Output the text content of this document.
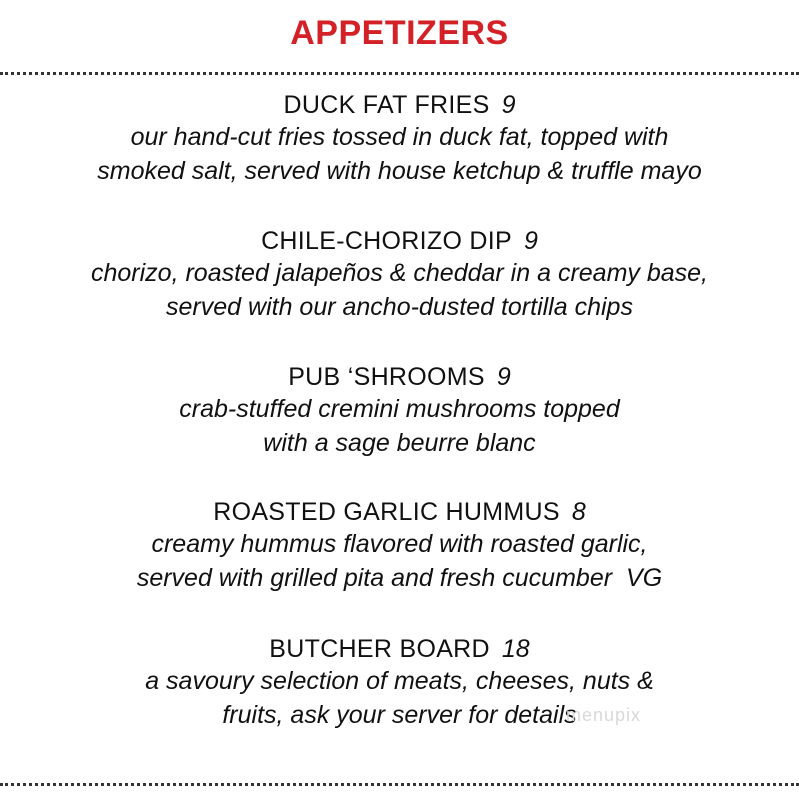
APPETIZERS
DUCK FAT FRIES 9
our hand-cut fries tossed in duck fat, topped with
smoked salt, served with house ketchup & truffle mayo
CHILE-CHORIZO DIP 9
chorizo, roasted jalapeños & cheddar in a creamy base,
served with our ancho-dusted tortilla chips
PUB ‘SHROOMS 9
crab-stuffed cremini mushrooms topped
with a sage beurre blanc
ROASTED GARLIC HUMMUS 8
creamy hummus flavored with roasted garlic,
served with grilled pita and fresh cucumber VG
BUTCHER BOARD 18
a savoury selection of meats, cheeses, nuts &
fruits, ask your server for details
menupix
